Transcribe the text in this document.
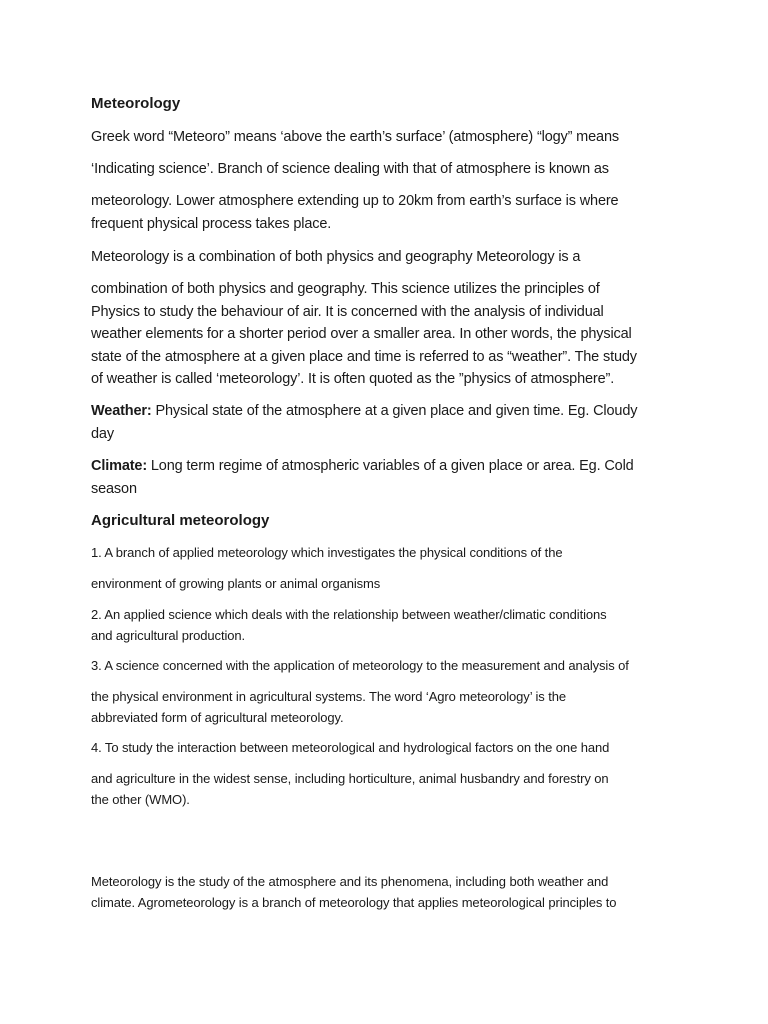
Meteorology

Greek word “Meteoro” means ‘above the earth’s surface’ (atmosphere) “logy” means

‘Indicating science’. Branch of science dealing with that of atmosphere is known as

meteorology. Lower atmosphere extending up to 20km from earth’s surface is where
frequent physical process takes place.

Meteorology is a combination of both physics and geography Meteorology is a

combination of both physics and geography. This science utilizes the principles of
Physics to study the behaviour of air. It is concerned with the analysis of individual
weather elements for a shorter period over a smaller area. In other words, the physical
state of the atmosphere at a given place and time is referred to as “weather”. The study
of weather is called ‘meteorology’. It is often quoted as the ”physics of atmosphere”.
Weather: Physical state of the atmosphere at a given place and given time. Eg. Cloudy
day
Climate: Long term regime of atmospheric variables of a given place or area. Eg. Cold
season

Agricultural meteorology

1. A branch of applied meteorology which investigates the physical conditions of the

environment of growing plants or animal organisms

2. An applied science which deals with the relationship between weather/climatic conditions
and agricultural production.

3. A science concerned with the application of meteorology to the measurement and analysis of

the physical environment in agricultural systems. The word ‘Agro meteorology’ is the
abbreviated form of agricultural meteorology.

4. To study the interaction between meteorological and hydrological factors on the one hand

and agriculture in the widest sense, including horticulture, animal husbandry and forestry on
the other (WMO).
Meteorology is the study of the atmosphere and its phenomena, including both weather and
climate. Agrometeorology is a branch of meteorology that applies meteorological principles to
